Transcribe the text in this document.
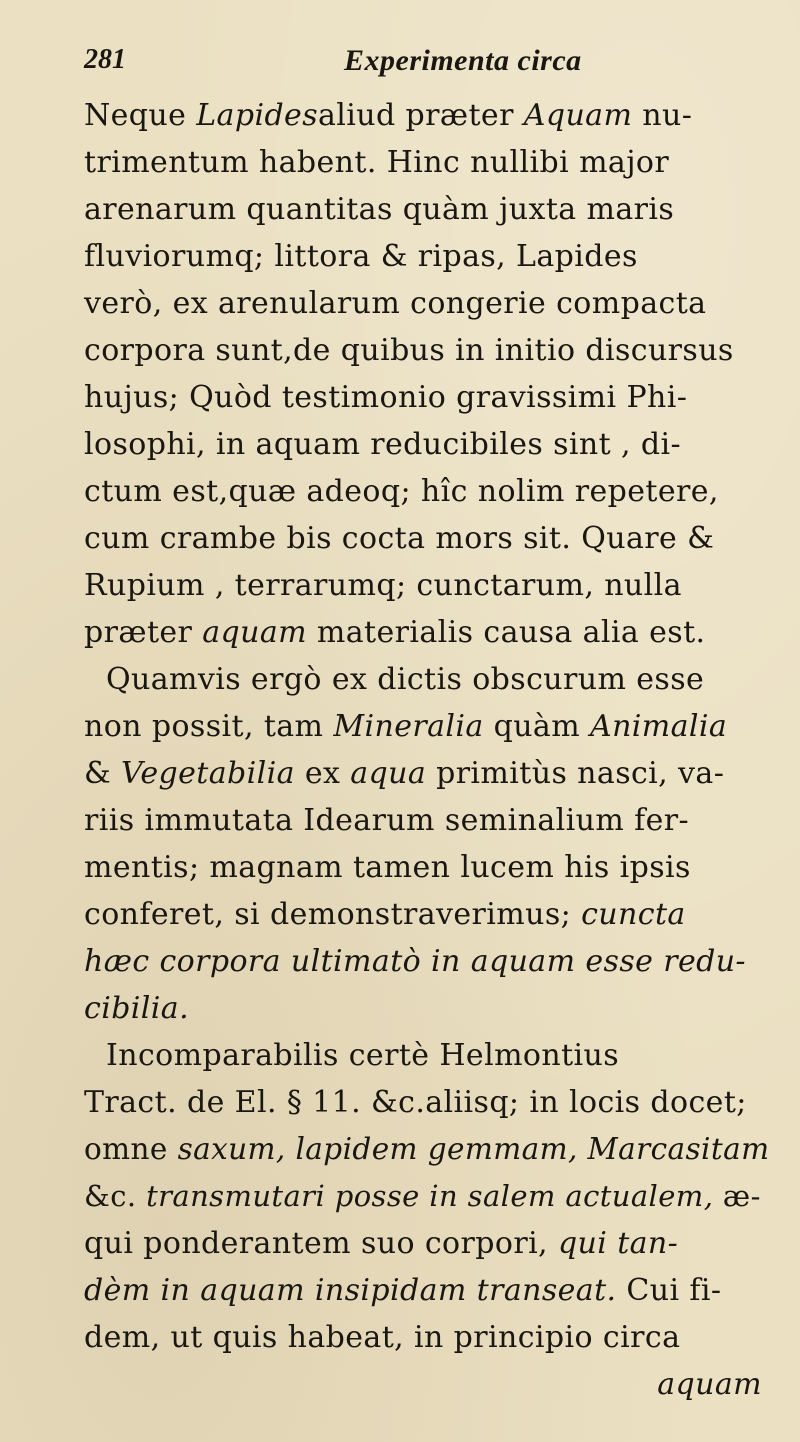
281	Experimenta circa
Neque Lapidesaliud præter Aquam nu-
trimentum habent. Hinc nullibi major
arenarum quantitas quàm juxta maris
fluviorumq; littora & ripas, Lapides
verò, ex arenularum congerie compacta
corpora sunt,de quibus in initio discursus
hujus; Quòd testimonio gravissimi Phi-
losophi, in aquam reducibiles sint , di-
ctum est,quæ adeoq; hîc nolim repetere,
cum crambe bis cocta mors sit. Quare &
Rupium , terrarumq; cunctarum, nulla
præter aquam materialis causa alia est.
Quamvis ergò ex dictis obscurum esse
non possit, tam Mineralia quàm Animalia
& Vegetabilia ex aqua primitùs nasci, va-
riis immutata Idearum seminalium fer-
mentis; magnam tamen lucem his ipsis
conferet, si demonstraverimus; cuncta
hæc corpora ultimatò in aquam esse redu-
cibilia.
Incomparabilis certè Helmontius
Tract. de El. § 11. &c.aliisq; in locis docet;
omne saxum, lapidem gemmam, Marcasitam
&c. transmutari posse in salem actualem, æ-
qui ponderantem suo corpori, qui tan-
dèm in aquam insipidam transeat. Cui fi-
dem, ut quis habeat, in principio circa
aquam
